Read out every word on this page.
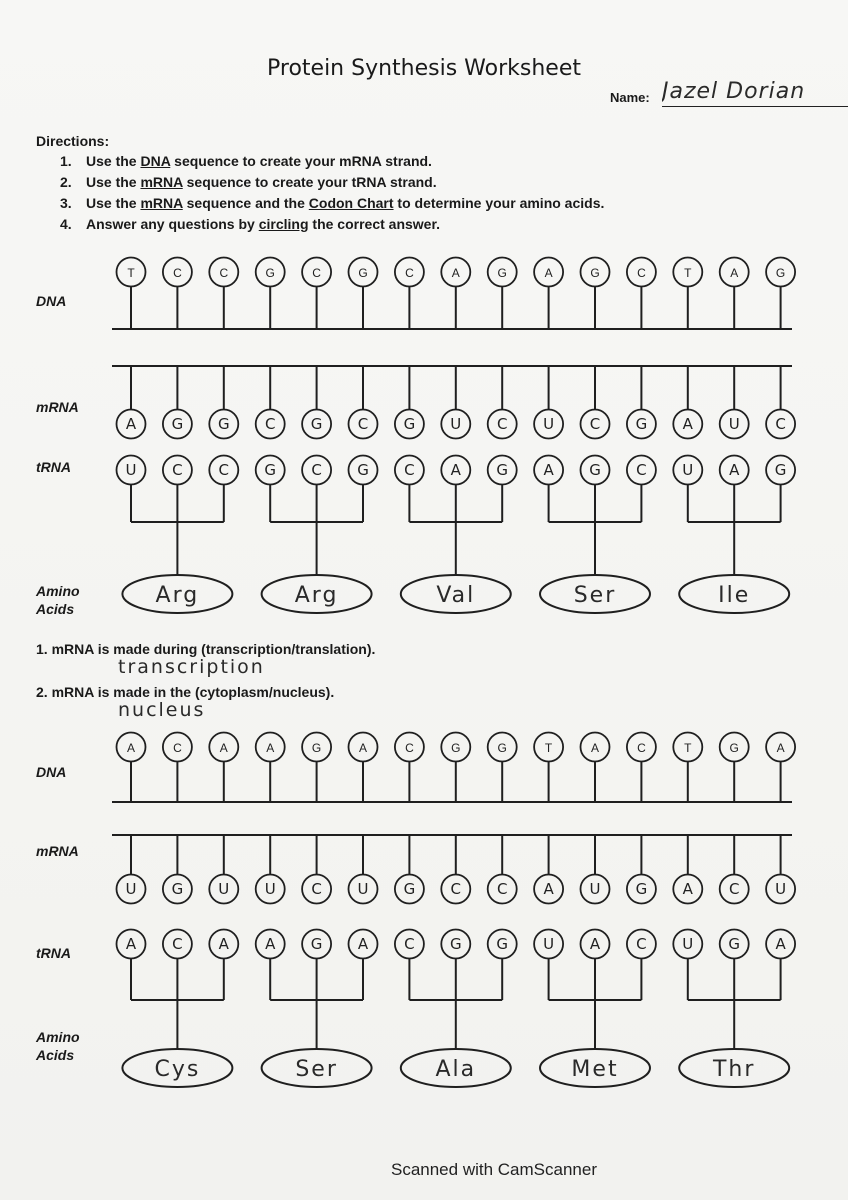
Protein Synthesis Worksheet
Name: Jazel Dorian
Directions:
1. Use the DNA sequence to create your mRNA strand.
2. Use the mRNA sequence to create your tRNA strand.
3. Use the mRNA sequence and the Codon Chart to determine your amino acids.
4. Answer any questions by circling the correct answer.
DNA
mRNA
tRNA
Amino
Acids
1. mRNA is made during (transcription/translation).
transcription
2. mRNA is made in the (cytoplasm/nucleus).
nucleus
DNA
mRNA
tRNA
Amino
Acids
T	C	C	G	C	G	C	A	G	A	G	C	T	A	G
A G G C G C G U C U C G A U C
U C C G C G C A G A G C U A G
Arg	Arg	Val	Ser	Ile
A	C	A	A	G	A	C	G	G	T	A	C	T	G	A
U G U U C U G C C A U G A C U
A C A A G A C G G U A C U G A
Cys	Ser	Ala	Met	Thr
Scanned with CamScanner
